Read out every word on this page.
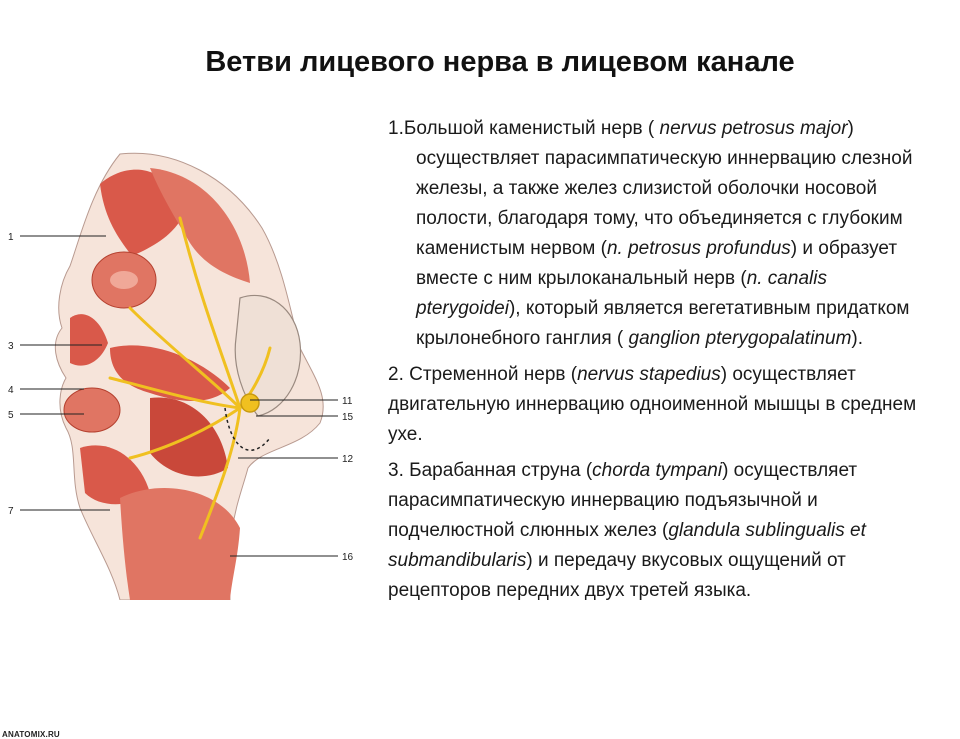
Ветви лицевого нерва в лицевом канале
1
3
4
5
7
11
15
12
16
ANATOMIX.RU

1.Большой каменистый нерв ( nervus petrosus major) осуществляет парасимпатическую иннервацию слезной железы, а также желез слизистой оболочки носовой полости, благодаря тому, что объединяется с глубоким каменистым нервом (n. petrosus profundus) и образует вместе с ним крылоканальный нерв (n. canalis pterygoidei), который является вегетативным придатком крылонебного ганглия ( ganglion pterygopalatinum).

2. Стременной нерв (nervus stapedius) осуществляет двигательную иннервацию одноименной мышцы в среднем ухе.

3. Барабанная струна (chorda tympani) осуществляет парасимпатическую иннервацию подъязычной и подчелюстной слюнных желез (glandula sublingualis et submandibularis) и передачу вкусовых ощущений от рецепторов передних двух третей языка.
